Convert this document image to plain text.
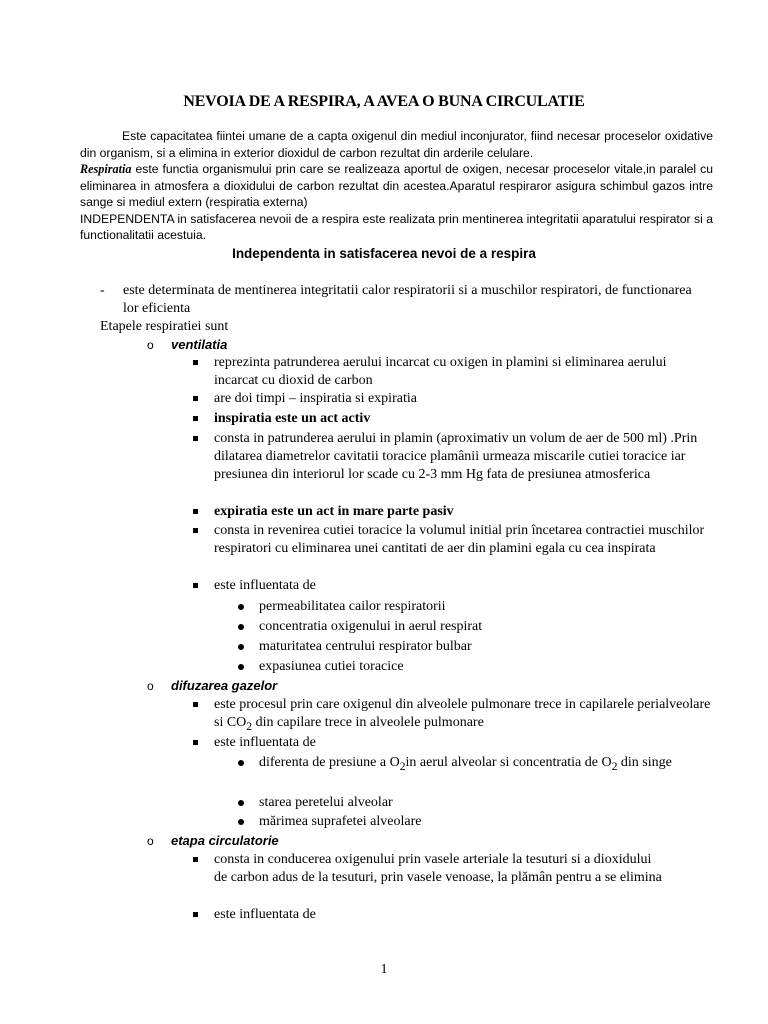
NEVOIA DE A RESPIRA, A AVEA O BUNA CIRCULATIE

Este capacitatea fiintei umane de a capta oxigenul din mediul inconjurator, fiind necesar proceselor oxidative din organism, si a elimina in exterior dioxidul de carbon rezultat din arderile celulare.

Respiratia este functia organismului prin care se realizeaza aportul de oxigen, necesar proceselor vitale,in paralel cu eliminarea in atmosfera a dioxidului de carbon rezultat din acestea.Aparatul respiraror asigura schimbul gazos intre sange si mediul extern (respiratia externa)

INDEPENDENTA in satisfacerea nevoii de a respira este realizata prin mentinerea integritatii aparatului respirator si a functionalitatii acestuia.

Independenta in satisfacerea nevoi de a respira
- este determinata de mentinerea integritatii calor respiratorii si a muschilor respiratori, de functionarea lor eficienta
Etapele respiratiei sunt
o ventilatia
reprezinta patrunderea aerului incarcat cu oxigen in plamini si eliminarea aerului incarcat cu dioxid de carbon
are doi timpi – inspiratia si expiratia
inspiratia este un act activ
consta in patrunderea aerului in plamin (aproximativ un volum de aer de 500 ml) .Prin dilatarea diametrelor cavitatii toracice plamânii urmeaza miscarile cutiei toracice iar presiunea din interiorul lor scade cu 2-3 mm Hg fata de presiunea atmosferica
expiratia este un act in mare parte pasiv
consta in revenirea cutiei toracice la volumul initial prin încetarea contractiei muschilor respiratori cu eliminarea unei cantitati de aer din plamini egala cu cea inspirata
este influentata de
permeabilitatea cailor respiratorii
concentratia oxigenului in aerul respirat
maturitatea centrului respirator bulbar
expasiunea cutiei toracice
o difuzarea gazelor
este procesul prin care oxigenul din alveolele pulmonare trece in capilarele perialveolare si $CO_2$ din capilare trece in alveolele pulmonare
este influentata de
diferenta de presiune a $O_2in$ aerul alveolar si concentratia de $O_2$ din singe
starea peretelui alveolar
mărimea suprafetei alveolare
o etapa circulatorie
consta in conducerea oxigenului prin vasele arteriale la tesuturi si a dioxidului de carbon adus de la tesuturi, prin vasele venoase, la plămân pentru a se elimina
este influentata de
1
